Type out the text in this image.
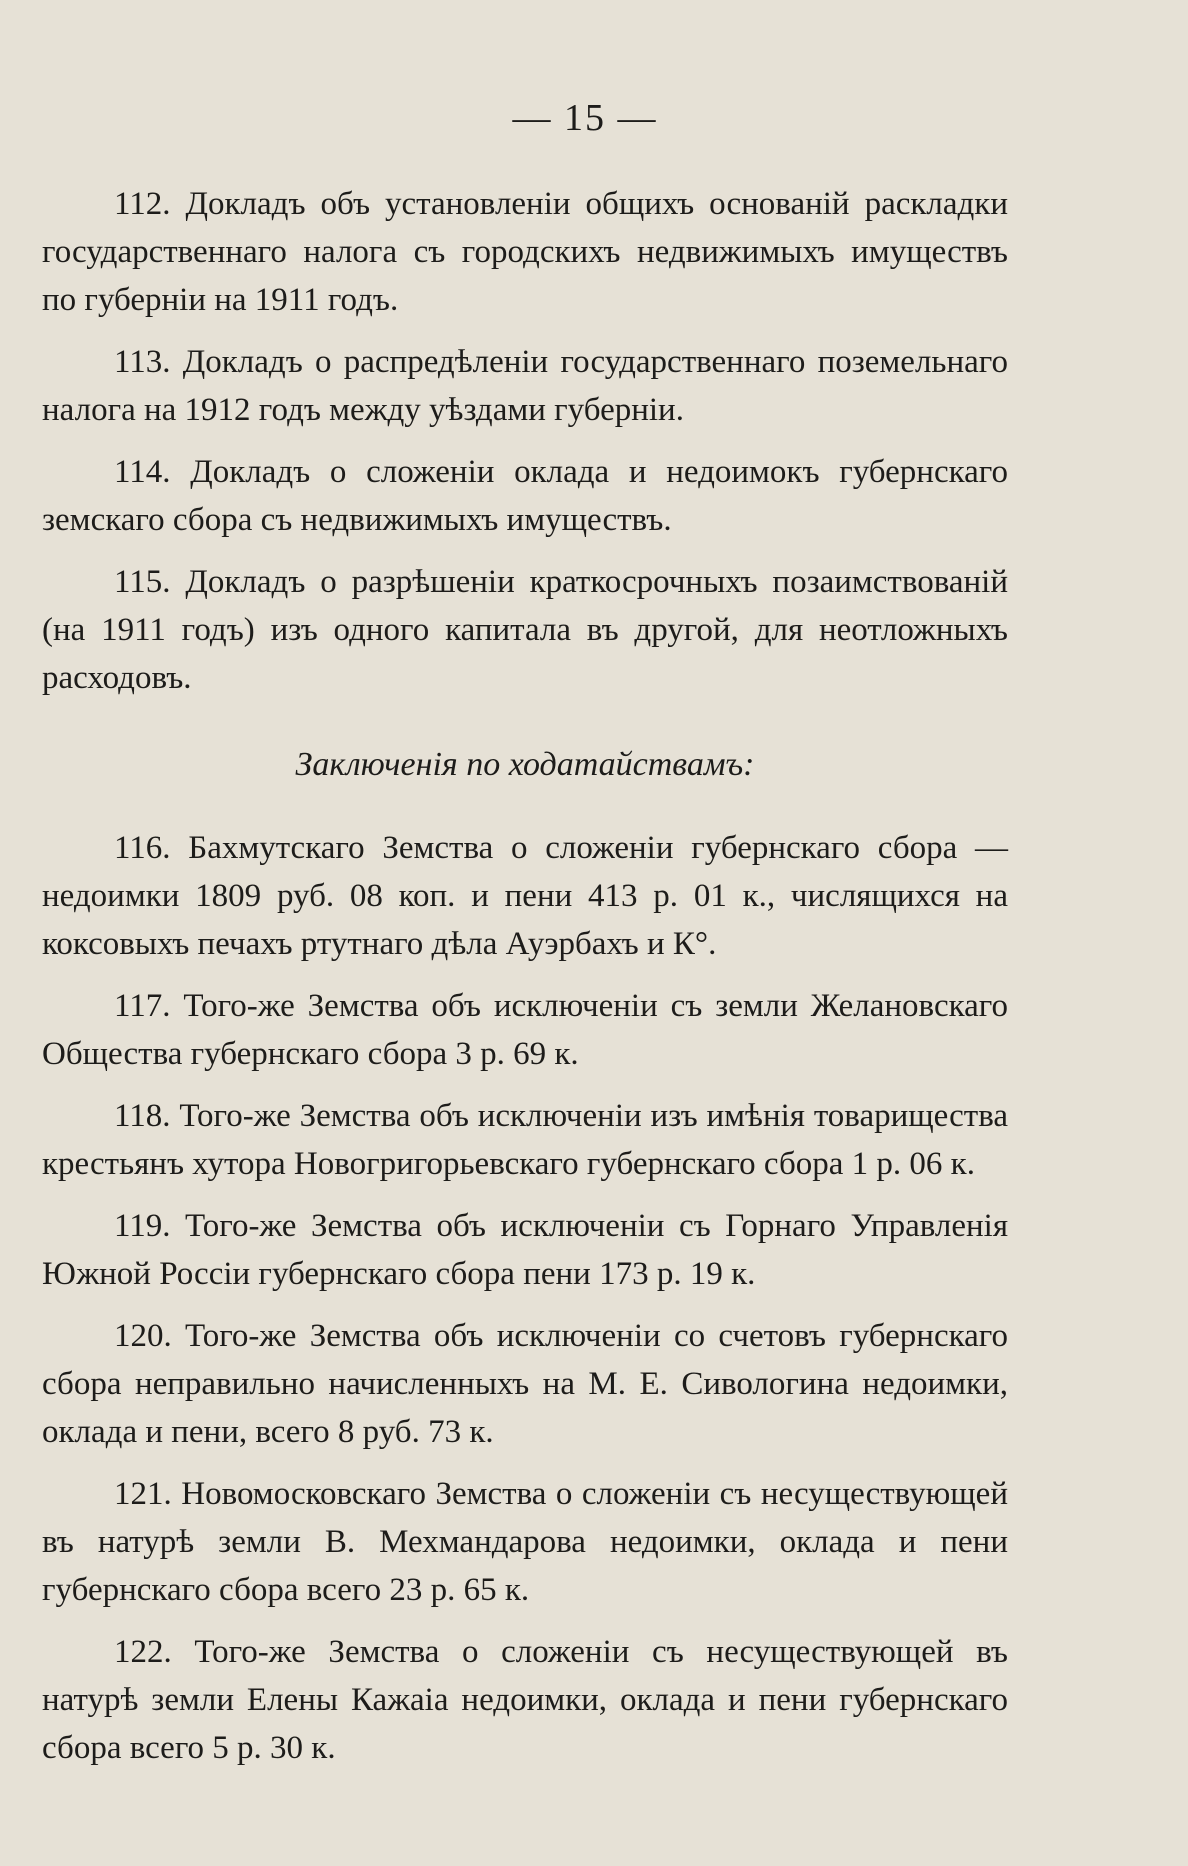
— 15 —

112. Докладъ объ установленіи общихъ основаній раскладки государственнаго налога съ городскихъ недвижимыхъ имуществъ по губерніи на 1911 годъ.

113. Докладъ о распредѣленіи государственнаго поземельнаго налога на 1912 годъ между уѣздами губерніи.

114. Докладъ о сложеніи оклада и недоимокъ губернскаго земскаго сбора съ недвижимыхъ имуществъ.

115. Докладъ о разрѣшеніи краткосрочныхъ позаимствованій (на 1911 годъ) изъ одного капитала въ другой, для неотложныхъ расходовъ.

Заключенія по ходатайствамъ:

116. Бахмутскаго Земства о сложеніи губернскаго сбора —недоимки 1809 руб. 08 коп. и пени 413 р. 01 к., числящихся на коксовыхъ печахъ ртутнаго дѣла Ауэрбахъ и К°.

117. Того-же Земства объ исключеніи съ земли Желановскаго Общества губернскаго сбора 3 р. 69 к.

118. Того-же Земства объ исключеніи изъ имѣнія товарищества крестьянъ хутора Новогригорьевскаго губернскаго сбора 1 р. 06 к.

119. Того-же Земства объ исключеніи съ Горнаго Управленія Южной Россіи губернскаго сбора пени 173 р. 19 к.

120. Того-же Земства объ исключеніи со счетовъ губернскаго сбора неправильно начисленныхъ на М. Е. Сивологина недоимки, оклада и пени, всего 8 руб. 73 к.

121. Новомосковскаго Земства о сложеніи съ несуществующей въ натурѣ земли В. Мехмандарова недоимки, оклада и пени губернскаго сбора всего 23 р. 65 к.

122. Того-же Земства о сложеніи съ несуществующей въ натурѣ земли Елены Кажаіа недоимки, оклада и пени губернскаго сбора всего 5 р. 30 к.
